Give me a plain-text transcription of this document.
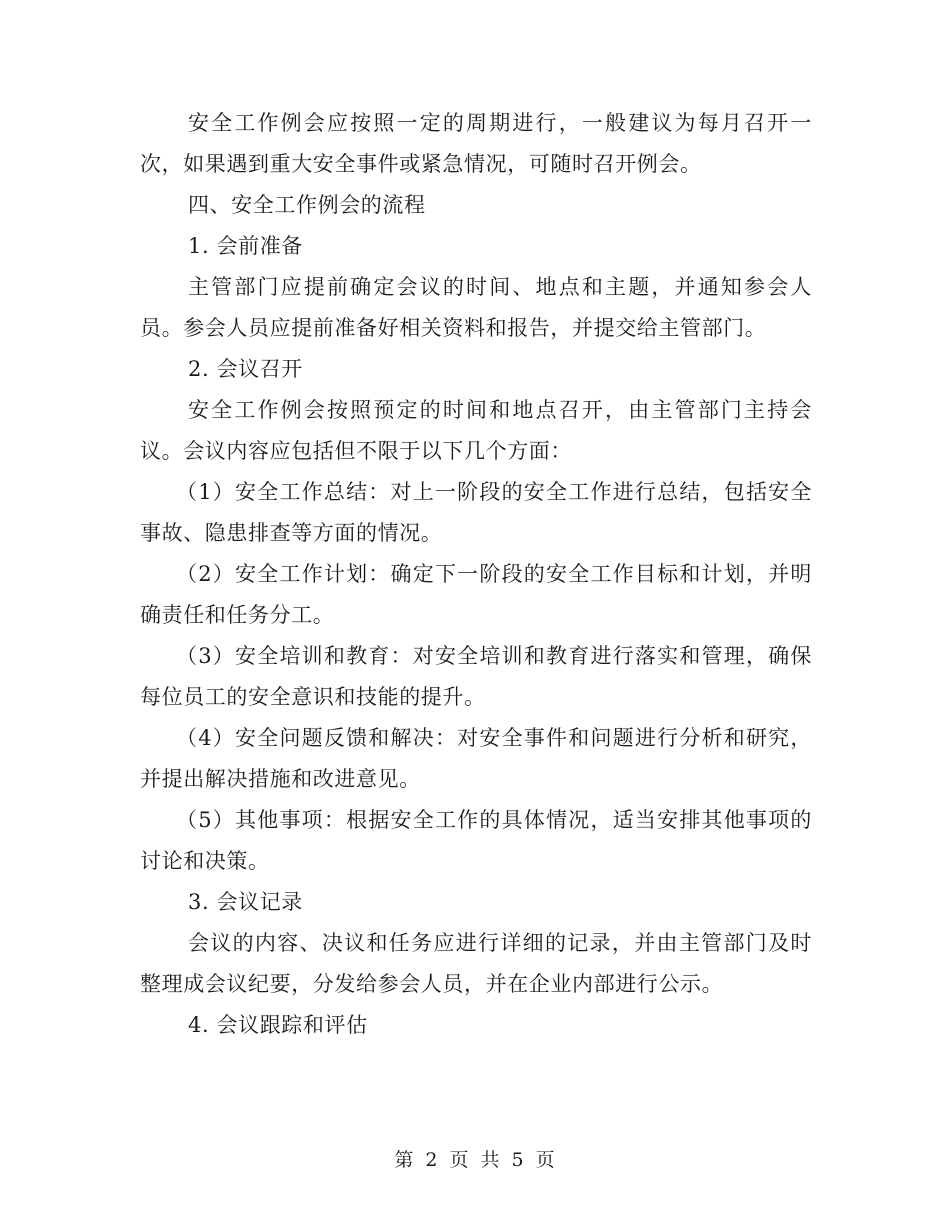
安全工作例会应按照一定的周期进行，一般建议为每月召开一次，如果遇到重大安全事件或紧急情况，可随时召开例会。

四、安全工作例会的流程

1. 会前准备

主管部门应提前确定会议的时间、地点和主题，并通知参会人员。参会人员应提前准备好相关资料和报告，并提交给主管部门。

2. 会议召开

安全工作例会按照预定的时间和地点召开，由主管部门主持会议。会议内容应包括但不限于以下几个方面：

（1）安全工作总结：对上一阶段的安全工作进行总结，包括安全事故、隐患排查等方面的情况。

（2）安全工作计划：确定下一阶段的安全工作目标和计划，并明确责任和任务分工。

（3）安全培训和教育：对安全培训和教育进行落实和管理，确保每位员工的安全意识和技能的提升。

（4）安全问题反馈和解决：对安全事件和问题进行分析和研究，并提出解决措施和改进意见。

（5）其他事项：根据安全工作的具体情况，适当安排其他事项的讨论和决策。

3. 会议记录

会议的内容、决议和任务应进行详细的记录，并由主管部门及时整理成会议纪要，分发给参会人员，并在企业内部进行公示。

4. 会议跟踪和评估

第 2 页 共 5 页
